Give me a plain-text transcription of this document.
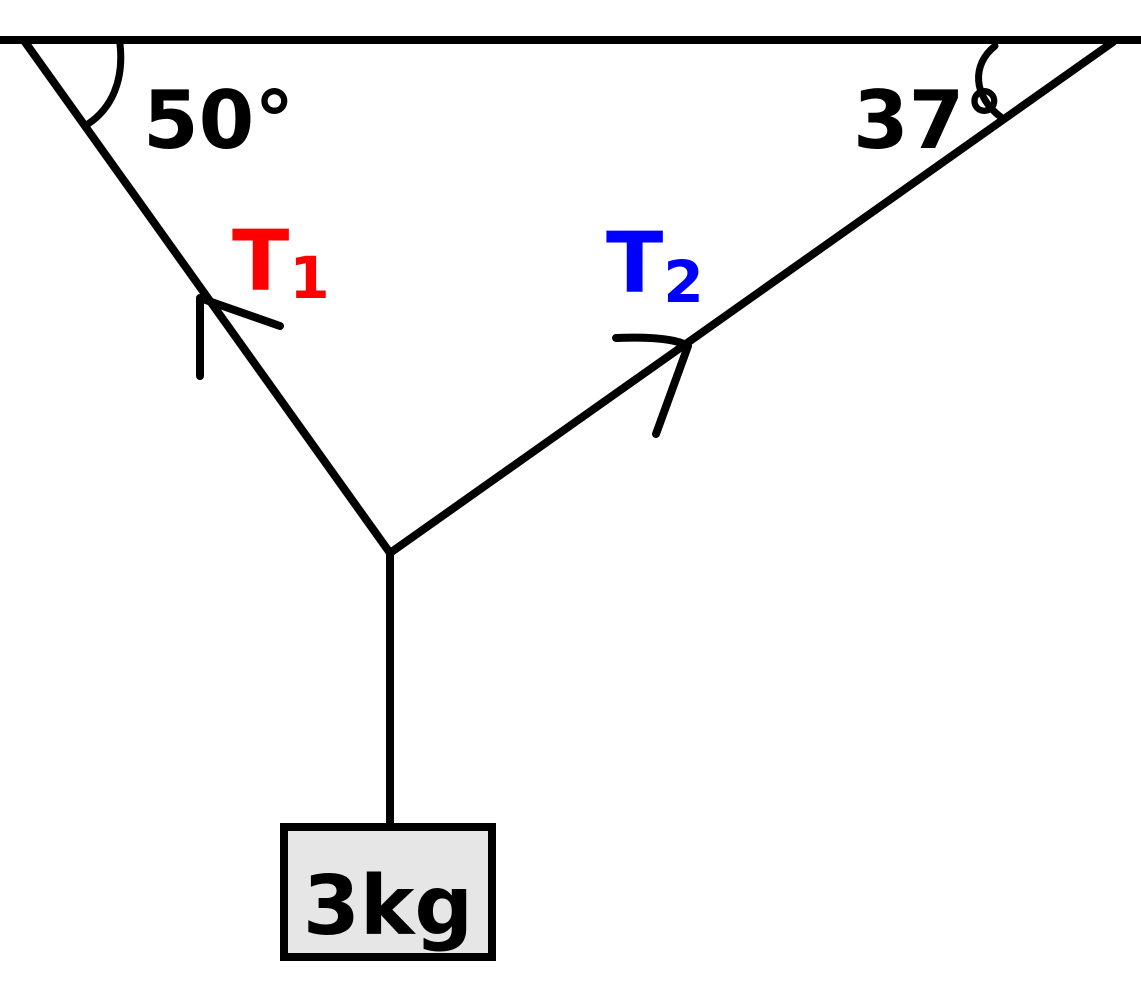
50°	37°
T1	T2
3kg
